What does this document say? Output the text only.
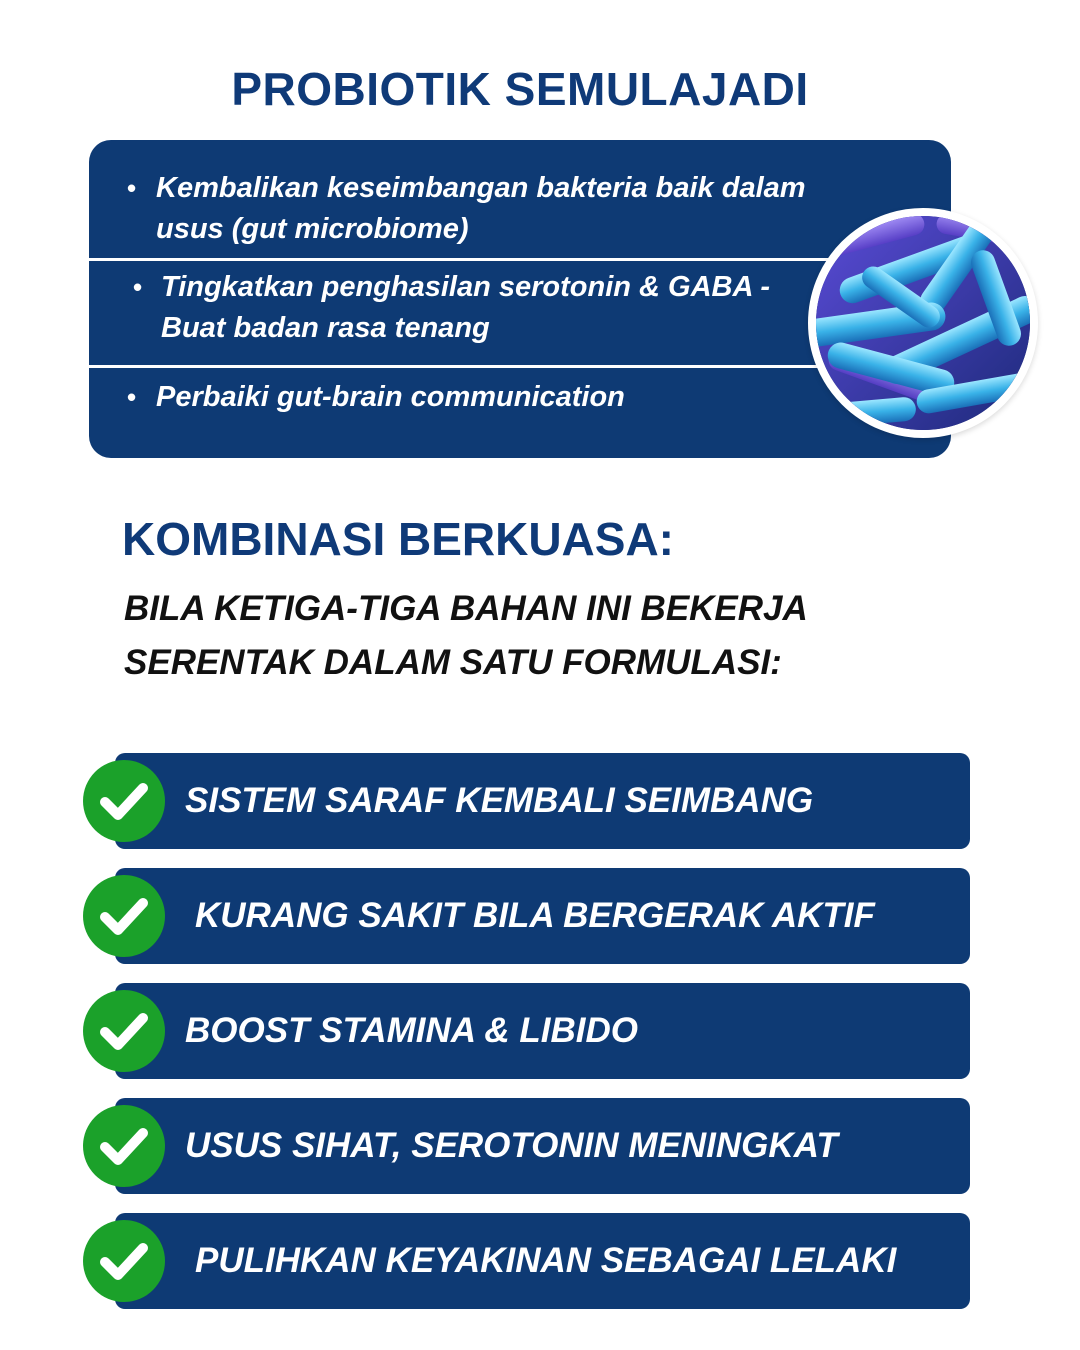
PROBIOTIK SEMULAJADI
• Kembalikan keseimbangan bakteria baik dalam usus (gut microbiome)
• Tingkatkan penghasilan serotonin & GABA - Buat badan rasa tenang
• Perbaiki gut-brain communication
KOMBINASI BERKUASA:
BILA KETIGA-TIGA BAHAN INI BEKERJA
SERENTAK DALAM SATU FORMULASI:
SISTEM SARAF KEMBALI SEIMBANG
KURANG SAKIT BILA BERGERAK AKTIF
BOOST STAMINA & LIBIDO
USUS SIHAT, SEROTONIN MENINGKAT
PULIHKAN KEYAKINAN SEBAGAI LELAKI
